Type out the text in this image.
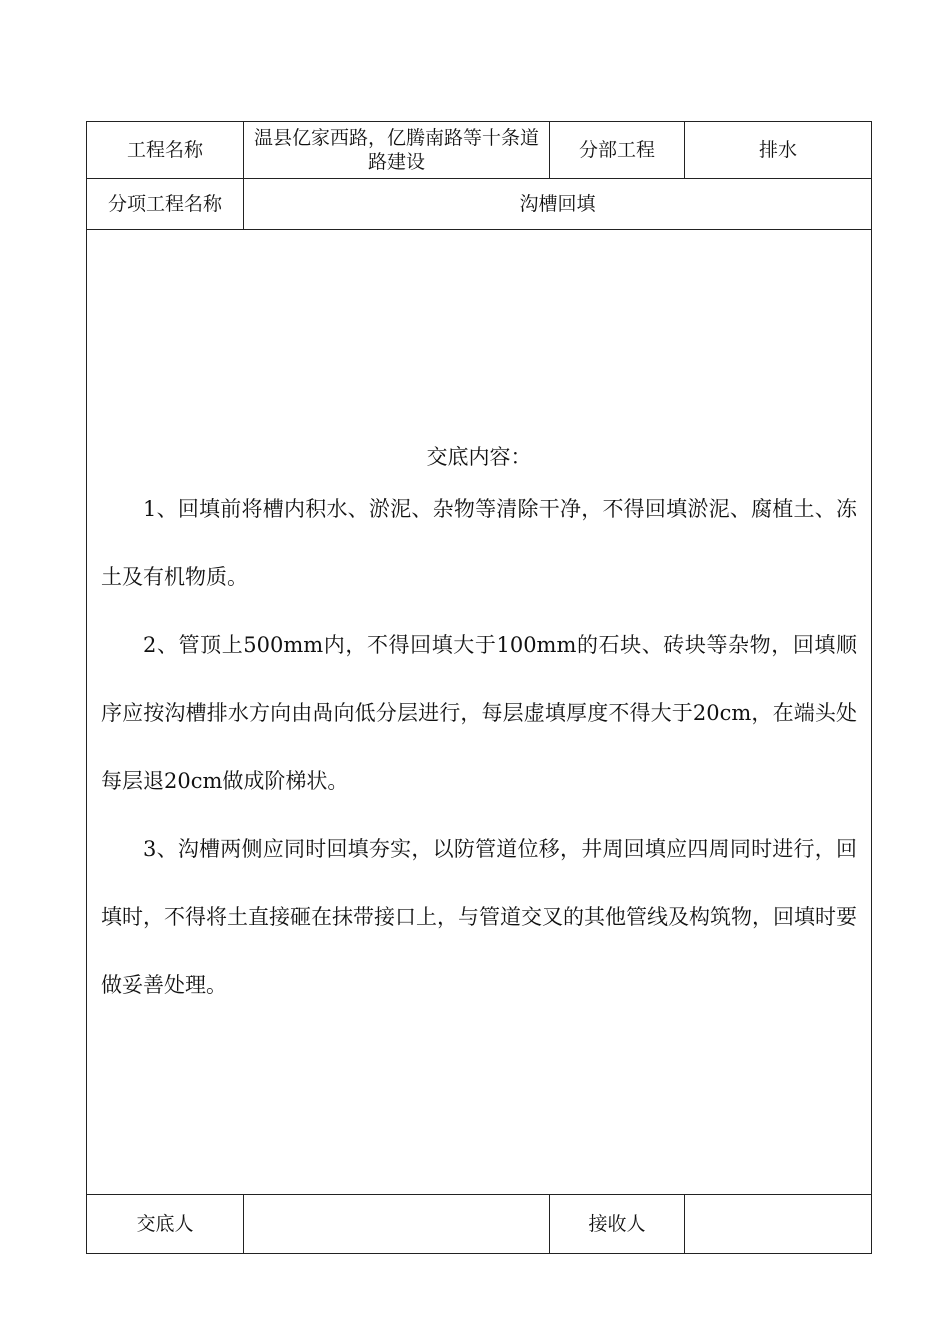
工程名称	温县亿家西路，亿腾南路等十条道路建设	分部工程	排水
分项工程名称	沟槽回填		

交底内容：

1、回填前将槽内积水、淤泥、杂物等清除干净，不得回填淤泥、腐植土、冻土及有机物质。

2、管顶上500mm内，不得回填大于100mm的石块、砖块等杂物，回填顺序应按沟槽排水方向由咼向低分层进行，每层虚填厚度不得大于20cm，在端头处每层退20cm做成阶梯状。

3、沟槽两侧应同时回填夯实，以防管道位移，井周回填应四周同时进行，回填时，不得将土直接砸在抹带接口上，与管道交叉的其他管线及构筑物，回填时要做妥善处理。			

交底人		接收人	
